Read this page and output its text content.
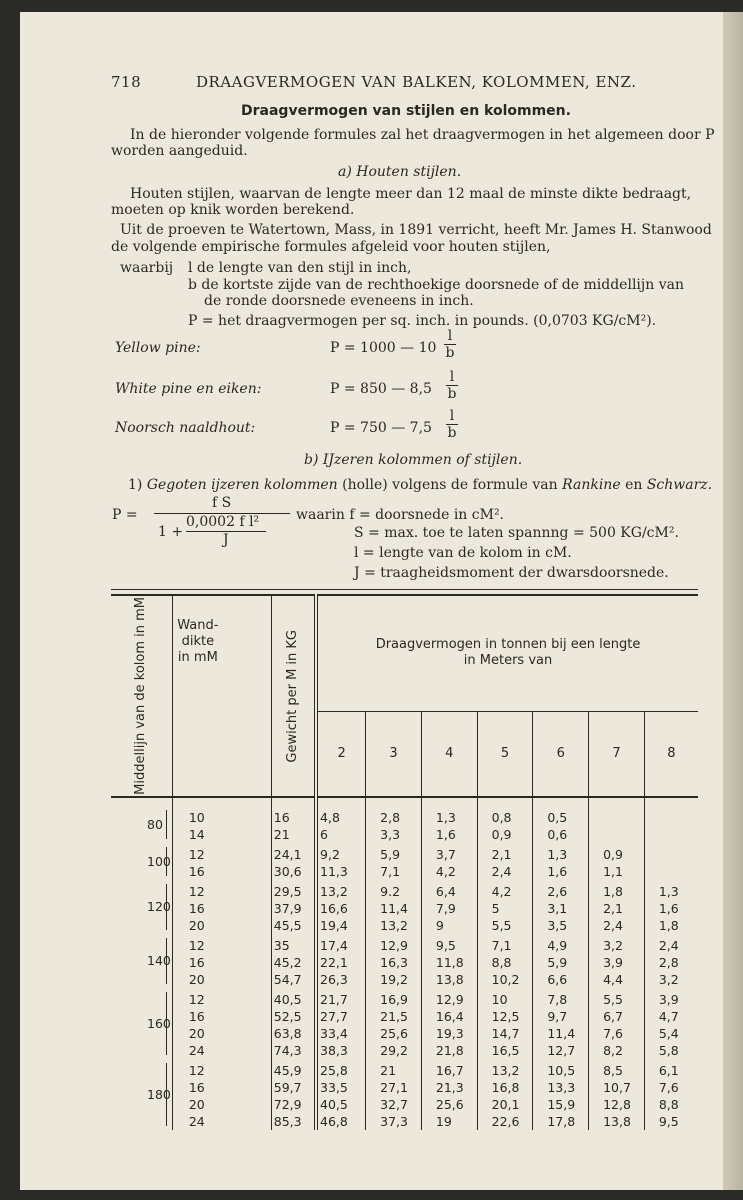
718	DRAAGVERMOGEN VAN BALKEN, KOLOMMEN, ENZ.
Draagvermogen van stijlen en kolommen.
In de hieronder volgende formules zal het draagvermogen in het algemeen door P
worden aangeduid.
a) Houten stijlen.
Houten stijlen, waarvan de lengte meer dan 12 maal de minste dikte bedraagt,
moeten op knik worden berekend.
Uit de proeven te Watertown, Mass, in 1891 verricht, heeft Mr. James H. Stanwood
de volgende empirische formules afgeleid voor houten stijlen,
waarbij l de lengte van den stijl in inch,
b de kortste zijde van de rechthoekige doorsnede of de middellijn van
de ronde doorsnede eveneens in inch.
P = het draagvermogen per sq. inch. in pounds. (0,0703 KG/cM²).
Yellow pine:	P = 1000 — $10 \frac{l}{b}$
White pine en eiken:	P = 850 — $8,5 \frac{l}{b}$
Noorsch naaldhout:	P = 750 — $7,5 \frac{l}{b}$
b) IJzeren kolommen of stijlen.
1) Gegoten ijzeren kolommen (holle) volgens de formule van Rankine en Schwarz.
P =
f S
1 +
0,0002 f l²
J
waarin f = doorsnede in cM².
S = max. toe te laten spannng = 500 KG/cM².
l = lengte van de kolom in cM.
J = traagheidsmoment der dwarsdoorsnede.
Middellijn van de kolom in mM	Wand- dikte in mM	Gewicht per M in KG	Draagvermogen in tonnen bij een lengte
in Meters van						

			2	3	4	5	6	7	8
80	10	16	4,8	2,8	1,3	0,8	0,5		
	14	21	6	3,3	1,6	0,9	0,6		
100	12	24,1	9,2	5,9	3,7	2,1	1,3	0,9	
	16	30,6	11,3	7,1	4,2	2,4	1,6	1,1	
120	12	29,5	13,2	9.2	6,4	4,2	2,6	1,8	1,3
	16	37,9	16,6	11,4	7,9	5	3,1	2,1	1,6
	20	45,5	19,4	13,2	9	5,5	3,5	2,4	1,8
140	12	35	17,4	12,9	9,5	7,1	4,9	3,2	2,4
	16	45,2	22,1	16,3	11,8	8,8	5,9	3,9	2,8
	20	54,7	26,3	19,2	13,8	10,2	6,6	4,4	3,2
160	12	40,5	21,7	16,9	12,9	10	7,8	5,5	3,9
	16	52,5	27,7	21,5	16,4	12,5	9,7	6,7	4,7
	20	63,8	33,4	25,6	19,3	14,7	11,4	7,6	5,4
	24	74,3	38,3	29,2	21,8	16,5	12,7	8,2	5,8
180	12	45,9	25,8	21	16,7	13,2	10,5	8,5	6,1
	16	59,7	33,5	27,1	21,3	16,8	13,3	10,7	7,6
	20	72,9	40,5	32,7	25,6	20,1	15,9	12,8	8,8
	24	85,3	46,8	37,3	19	22,6	17,8	13,8	9,5
